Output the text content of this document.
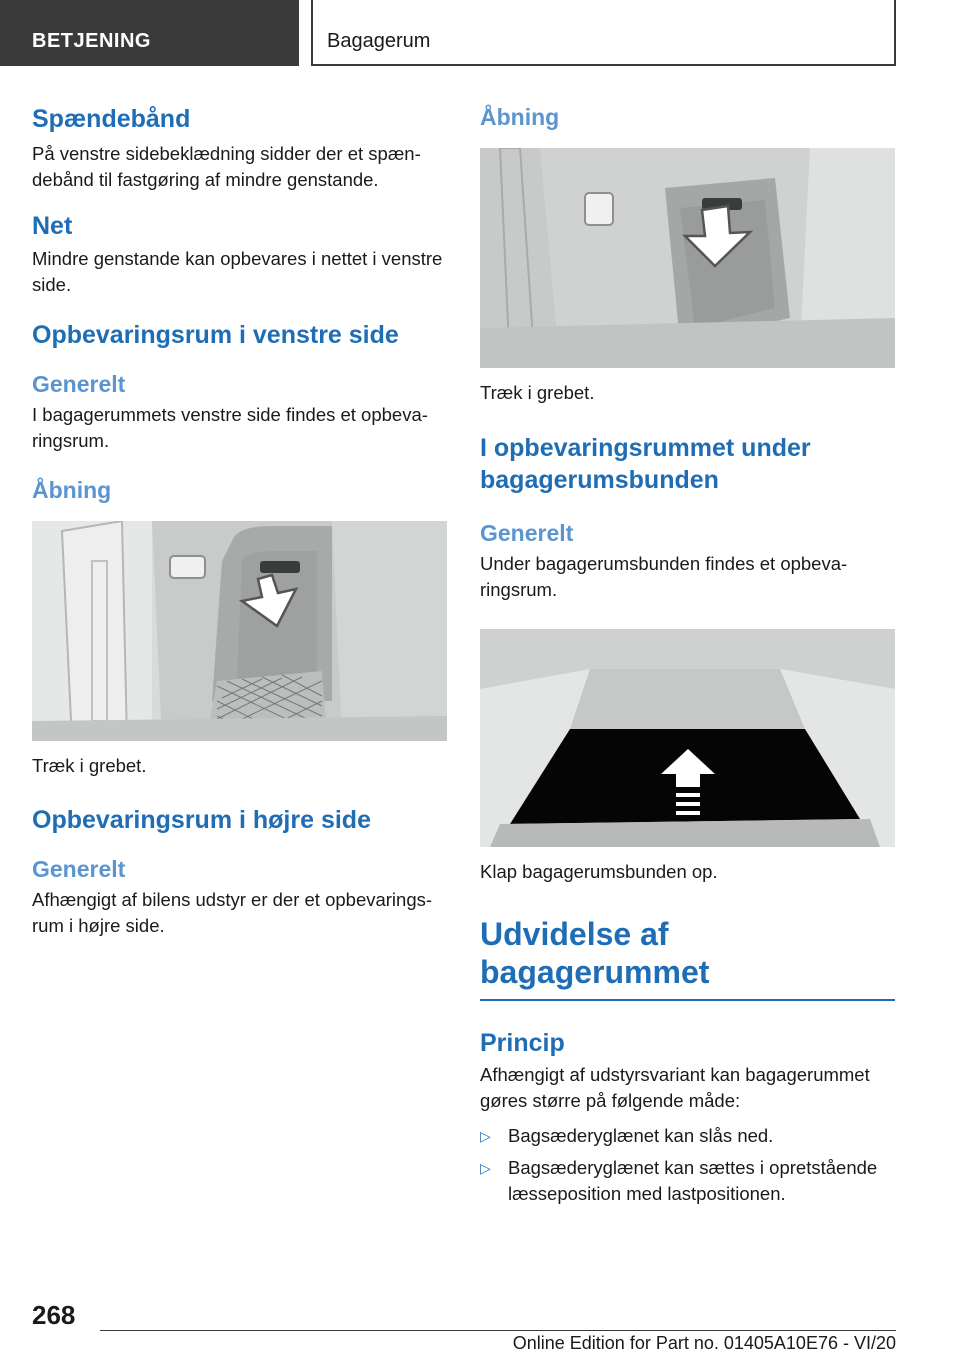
BETJENING	Bagagerum
Spændebånd

På venstre sidebeklædning sidder der et spændebånd til fastgøring af mindre genstande.

Net

Mindre genstande kan opbevares i nettet i venstre side.

Opbevaringsrum i venstre side
Generelt

I bagagerummets venstre side findes et opbevaringsrum.

Åbning

Træk i grebet.

Opbevaringsrum i højre side
Generelt

Afhængigt af bilens udstyr er der et opbevaringsrum i højre side.

Åbning

Træk i grebet.

I opbevaringsrummet under bagagerumsbunden
Generelt

Under bagagerumsbunden findes et opbevaringsrum.

Klap bagagerumsbunden op.

Udvidelse af bagagerummet
Princip

Afhængigt af udstyrsvariant kan bagagerummet gøres større på følgende måde:

▷ Bagsæderyglænet kan slås ned.
▷ Bagsæderyglænet kan sættes i opretstående læsseposition med lastpositionen.
268
Online Edition for Part no. 01405A10E76 - VI/20
